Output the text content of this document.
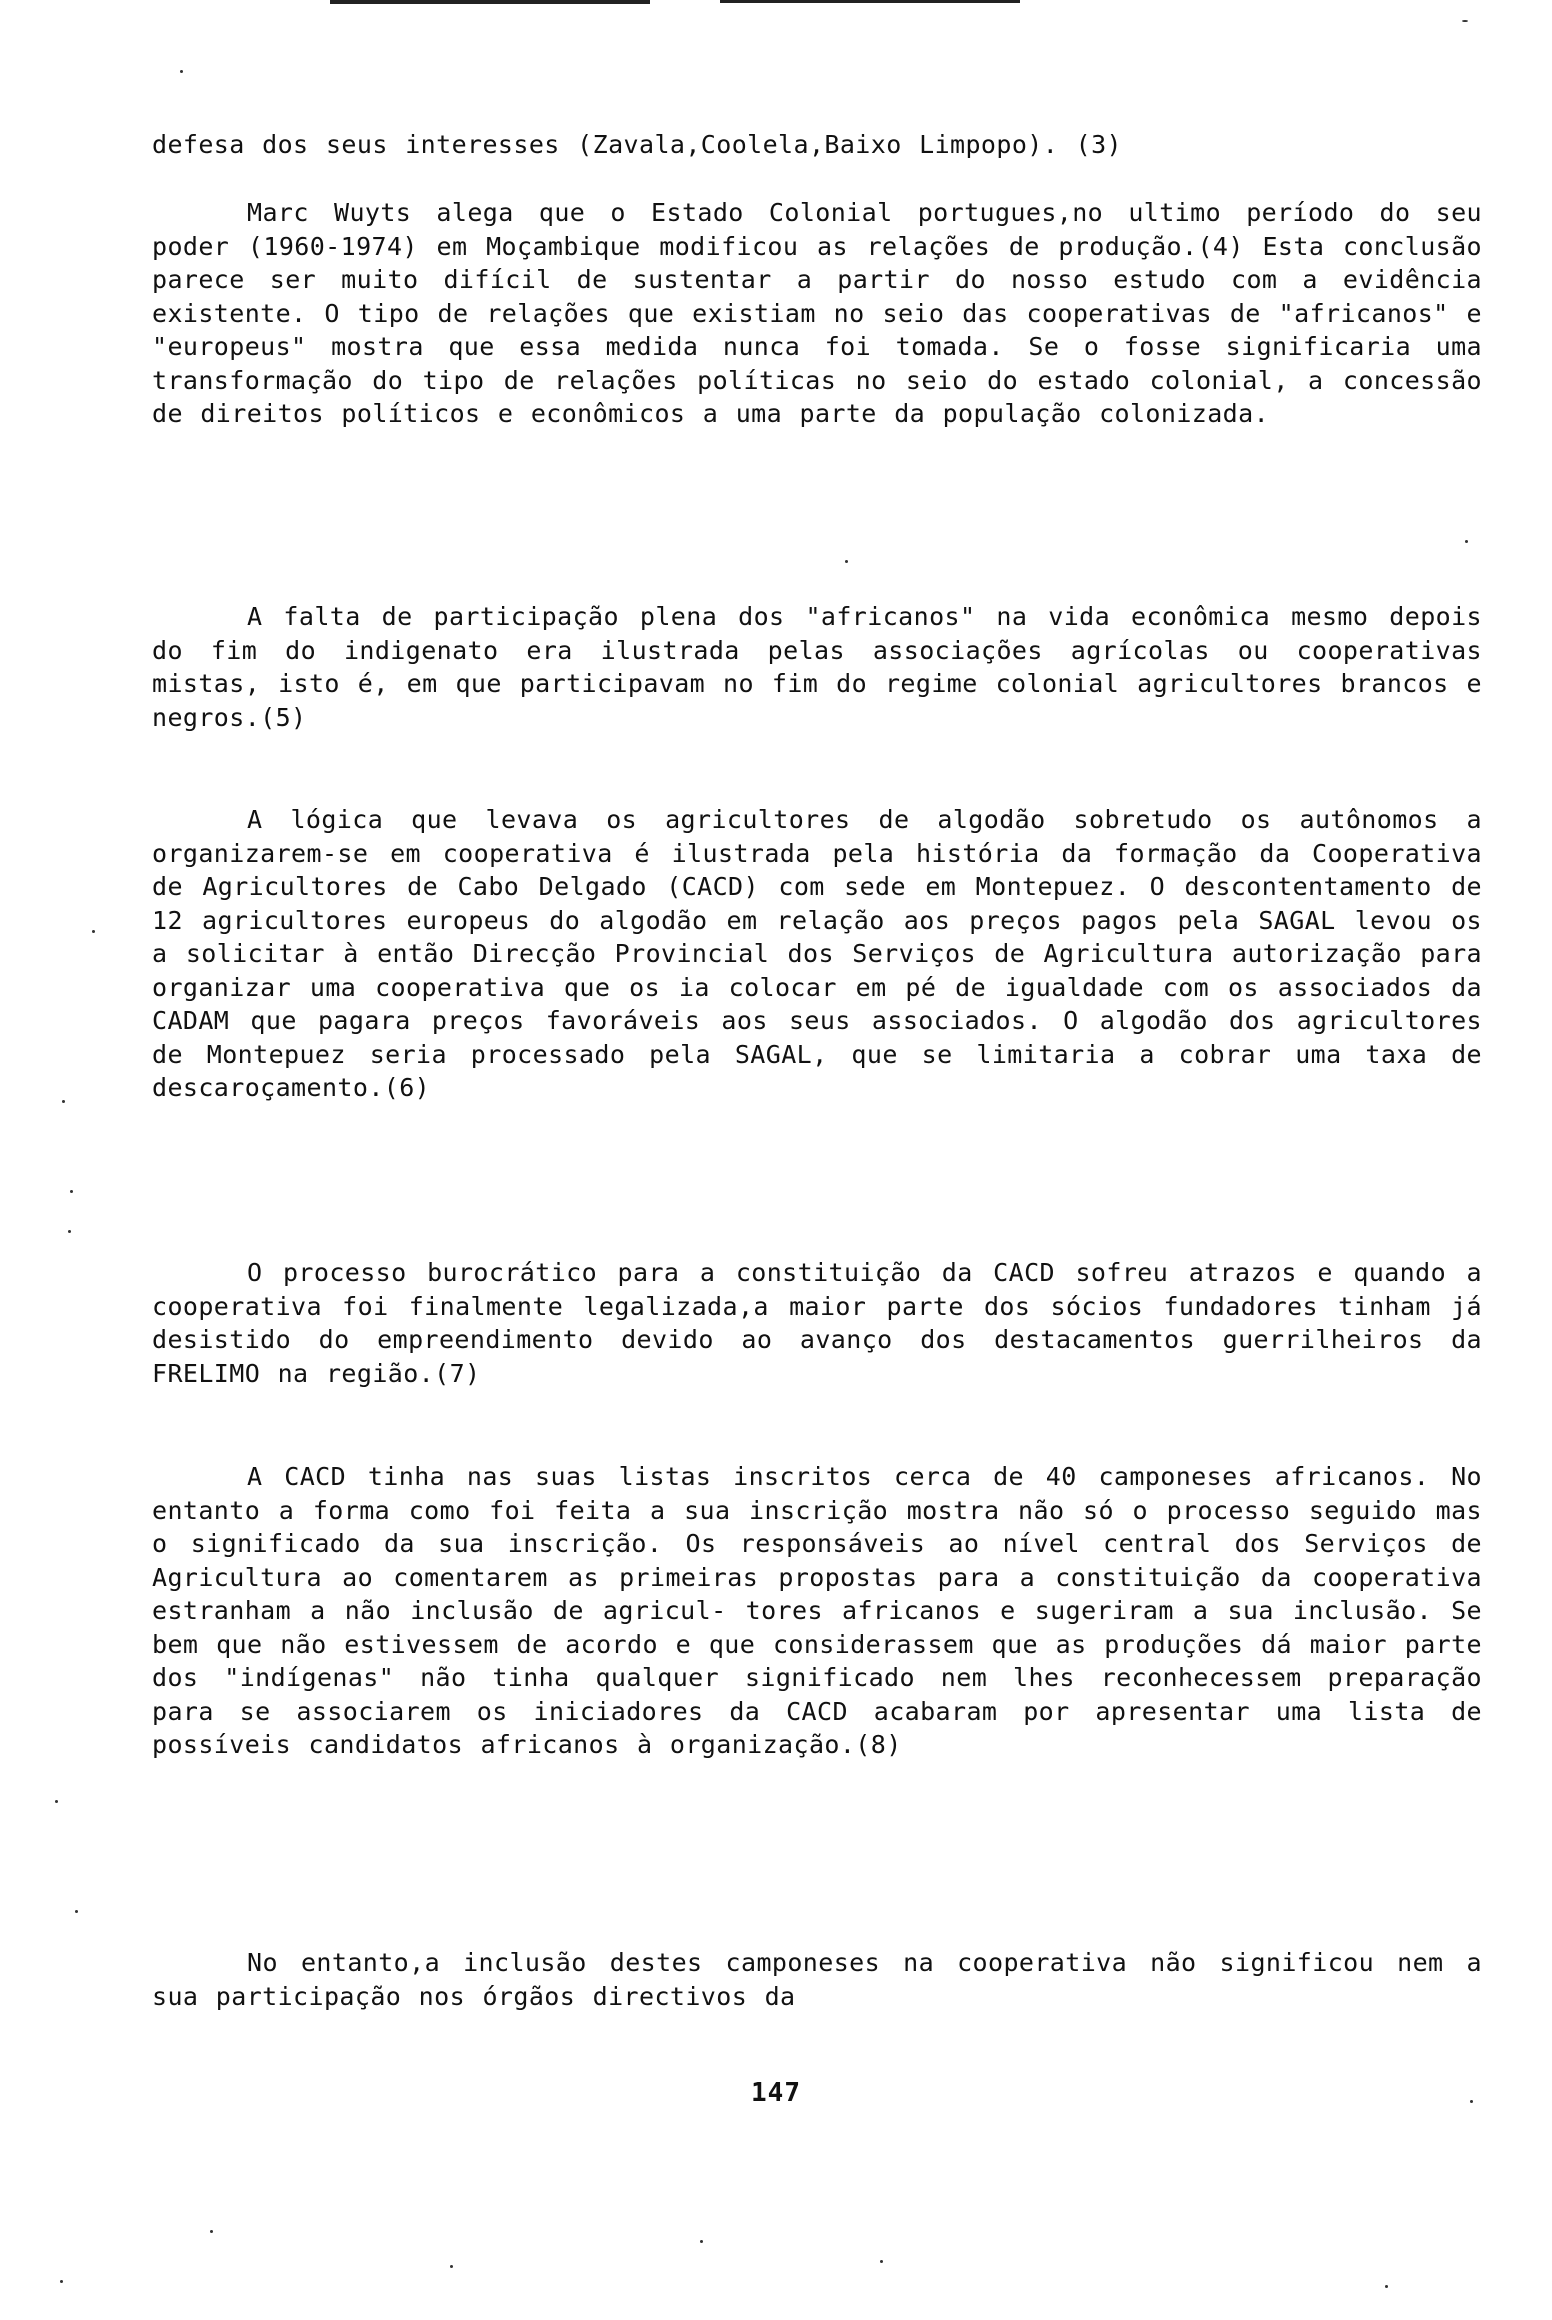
defesa dos seus interesses (Zavala,Coolela,Baixo Limpopo). (3)

Marc Wuyts alega que o Estado Colonial portugues,no ultimo período do seu poder (1960-1974) em Moçambique modificou as relações de produção.(4) Esta conclusão parece ser muito difícil de sustentar a partir do nosso estudo com a evidência existente. O tipo de relações que existiam no seio das cooperativas de "africanos" e "europeus" mostra que essa medida nunca foi tomada. Se o fosse significaria uma transformação do tipo de relações políticas no seio do estado colonial, a concessão de direitos políticos e econômicos a uma parte da população colonizada.

A falta de participação plena dos "africanos" na vida econômica mesmo depois do fim do indigenato era ilustrada pelas associações agrícolas ou cooperativas mistas, isto é, em que participavam no fim do regime colonial agricultores brancos e negros.(5)

A lógica que levava os agricultores de algodão sobretudo os autônomos a organizarem-se em cooperativa é ilustrada pela história da formação da Cooperativa de Agricultores de Cabo Delgado (CACD) com sede em Montepuez. O descontentamento de 12 agricultores europeus do algodão em relação aos preços pagos pela SAGAL levou os a solicitar à então Direcção Provincial dos Serviços de Agricultura autorização para organizar uma cooperativa que os ia colocar em pé de igualdade com os associados da CADAM que pagara preços favoráveis aos seus associados. O algodão dos agricultores de Montepuez seria processado pela SAGAL, que se limitaria a cobrar uma taxa de descaroçamento.(6)

O processo burocrático para a constituição da CACD sofreu atrazos e quando a cooperativa foi finalmente legalizada,a maior parte dos sócios fundadores tinham já desistido do empreendimento devido ao avanço dos destacamentos guerrilheiros da FRELIMO na região.(7)

A CACD tinha nas suas listas inscritos cerca de 40 camponeses africanos. No entanto a forma como foi feita a sua inscrição mostra não só o processo seguido mas o significado da sua inscrição. Os responsáveis ao nível central dos Serviços de Agricultura ao comentarem as primeiras propostas para a constituição da cooperativa estranham a não inclusão de agricul- tores africanos e sugeriram a sua inclusão. Se bem que não estivessem de acordo e que considerassem que as produções dá maior parte dos "indígenas" não tinha qualquer significado nem lhes reconhecessem preparação para se associarem os iniciadores da CACD acabaram por apresentar uma lista de possíveis candidatos africanos à organização.(8)

No entanto,a inclusão destes camponeses na cooperativa não significou nem a sua participação nos órgãos directivos da

147
